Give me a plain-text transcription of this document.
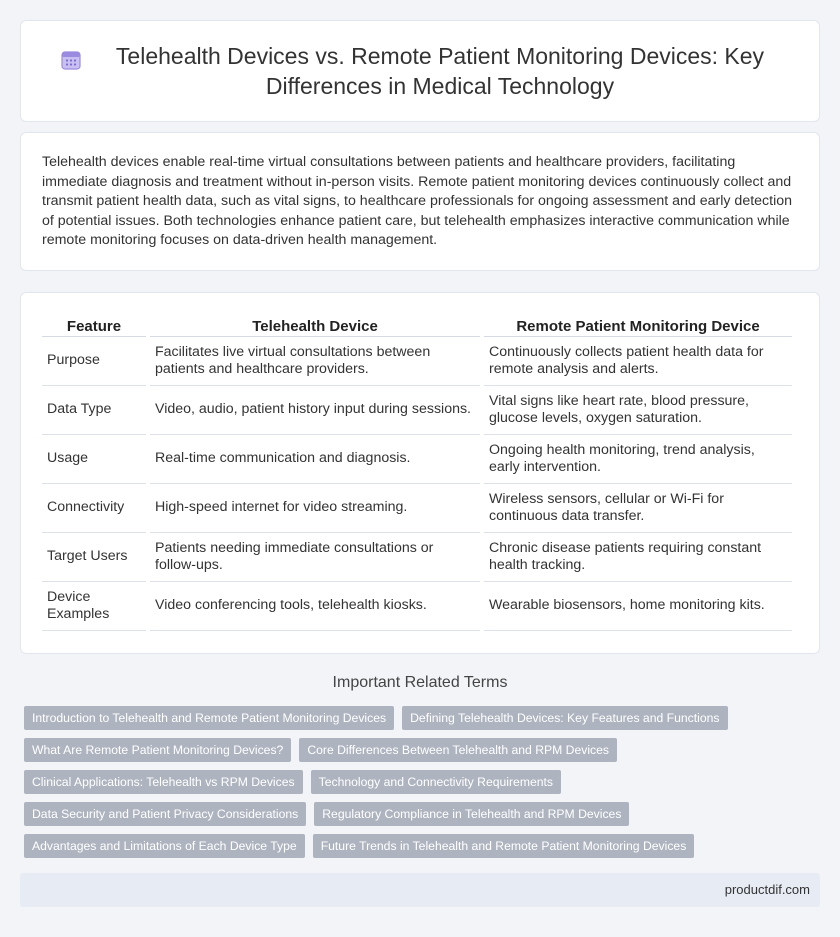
Telehealth Devices vs. Remote Patient Monitoring Devices: Key Differences in Medical Technology

Telehealth devices enable real-time virtual consultations between patients and healthcare providers, facilitating immediate diagnosis and treatment without in-person visits. Remote patient monitoring devices continuously collect and transmit patient health data, such as vital signs, to healthcare professionals for ongoing assessment and early detection of potential issues. Both technologies enhance patient care, but telehealth emphasizes interactive communication while remote monitoring focuses on data-driven health management.

Feature	Telehealth Device	Remote Patient Monitoring Device
Purpose	Facilitates live virtual consultations between patients and healthcare providers.	Continuously collects patient health data for remote analysis and alerts.
Data Type	Video, audio, patient history input during sessions.	Vital signs like heart rate, blood pressure, glucose levels, oxygen saturation.
Usage	Real-time communication and diagnosis.	Ongoing health monitoring, trend analysis, early intervention.
Connectivity	High-speed internet for video streaming.	Wireless sensors, cellular or Wi-Fi for continuous data transfer.
Target Users	Patients needing immediate consultations or follow-ups.	Chronic disease patients requiring constant health tracking.
Device Examples	Video conferencing tools, telehealth kiosks.	Wearable biosensors, home monitoring kits.
Important Related Terms
Introduction to Telehealth and Remote Patient Monitoring Devices	Defining Telehealth Devices: Key Features and Functions
What Are Remote Patient Monitoring Devices?	Core Differences Between Telehealth and RPM Devices
Clinical Applications: Telehealth vs RPM Devices	Technology and Connectivity Requirements
Data Security and Patient Privacy Considerations	Regulatory Compliance in Telehealth and RPM Devices
Advantages and Limitations of Each Device Type	Future Trends in Telehealth and Remote Patient Monitoring Devices
productdif.com
